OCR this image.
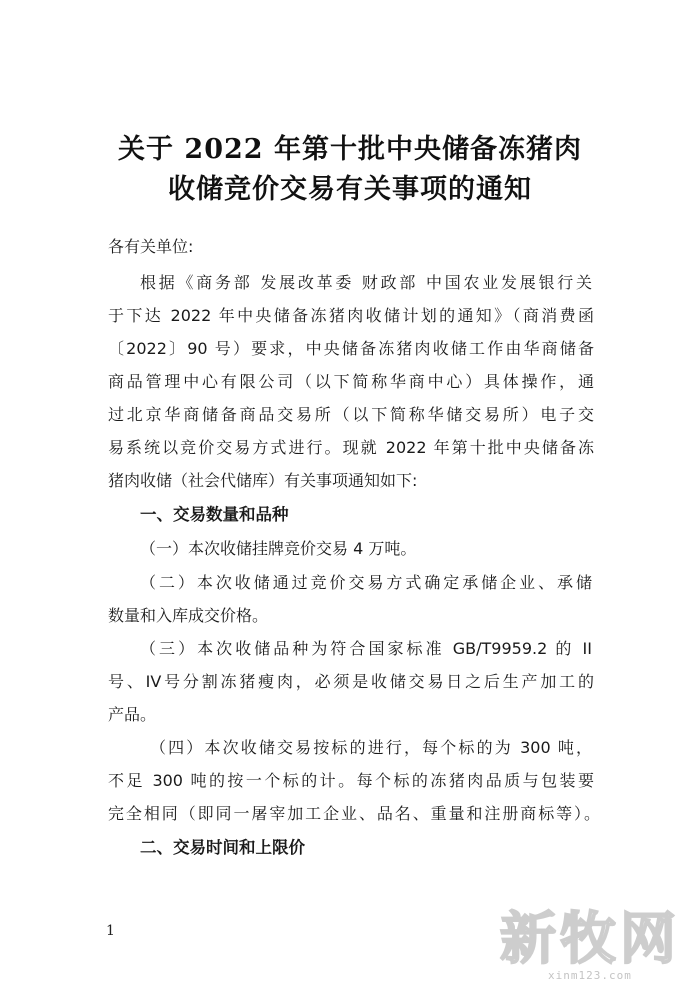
关于 2022 年第十批中央储备冻猪肉
收储竞价交易有关事项的通知
各有关单位:
根据《商务部 发展改革委 财政部 中国农业发展银行关
于下达 2022 年中央储备冻猪肉收储计划的通知》（商消费函
〔2022〕90 号）要求，中央储备冻猪肉收储工作由华商储备
商品管理中心有限公司（以下简称华商中心）具体操作，通
过北京华商储备商品交易所（以下简称华储交易所）电子交
易系统以竞价交易方式进行。现就 2022 年第十批中央储备冻
猪肉收储（社会代储库）有关事项通知如下:
一、交易数量和品种
（一）本次收储挂牌竞价交易 4 万吨。
（二）本次收储通过竞价交易方式确定承储企业、承储
数量和入库成交价格。
（三）本次收储品种为符合国家标准 GB/T9959.2 的 II
号、IV号分割冻猪瘦肉，必须是收储交易日之后生产加工的
产品。
（四）本次收储交易按标的进行，每个标的为 300 吨，
不足 300 吨的按一个标的计。每个标的冻猪肉品质与包装要
完全相同（即同一屠宰加工企业、品名、重量和注册商标等）。
二、交易时间和上限价
1	新牧网
xinm123.com
